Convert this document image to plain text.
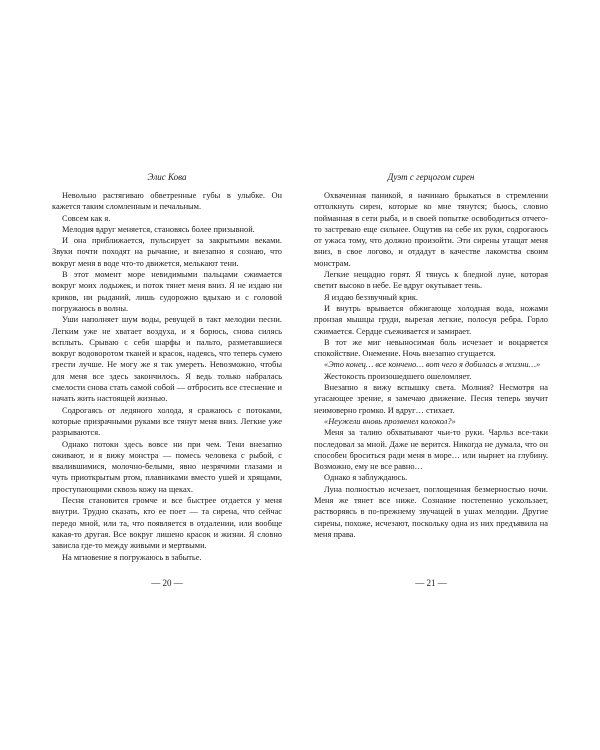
Элис Кова

Невольно растягиваю обветренные губы в улыбке. Он кажется таким сломленным и печальным.

Совсем как я.

Мелодия вдруг меняется, становясь более призывной.

И она приближается, пульсирует за закрытыми веками. Звуки почти походят на рычание, и внезапно я сознаю, что вокруг меня в воде что-то движется, мелькают тени.

В этот момент море невидимыми пальцами сжимается вокруг моих лодыжек, и поток тянет меня вниз. Я не издаю ни криков, ни рыданий, лишь судорожно вдыхаю и с головой погружаюсь в волны.

Уши наполняет шум воды, ревущей в такт мелодии песни. Легким уже не хватает воздуха, и я борюсь, снова силясь всплыть. Срываю с себя шарфы и пальто, разметавшиеся вокруг водоворотом тканей и красок, надеясь, что теперь сумею грести лучше. Не могу же я так умереть. Невозможно, чтобы для меня все здесь закончилось. Я ведь только набралась смелости снова стать самой собой — отбросить все стеснение и начать жить настоящей жизнью.

Содрогаясь от ледяного холода, я сражаюсь с потоками, которые призрачными руками все тянут меня вниз. Легкие уже разрываются.

Однако потоки здесь вовсе ни при чем. Тени внезапно оживают, и я вижу монстра — помесь человека с рыбой, с ввалившимися, молочно-белыми, явно незрячими глазами и чуть приоткрытым ртом, плавниками вместо ушей и хрящами, проступающими сквозь кожу на щеках.

Песня становится громче и все быстрее отдается у меня внутри. Трудно сказать, кто ее поет — та сирена, что сейчас передо мной, или та, что появляется в отдалении, или вообще какая-то другая. Все вокруг лишено красок и жизни. Я словно зависла где-то между живыми и мертвыми.

На мгновение я погружаюсь в забытье.

— 20 —
Дуэт с герцогом сирен

Охваченная паникой, я начинаю брыкаться в стремлении оттолкнуть сирен, которые ко мне тянутся; бьюсь, словно пойманная в сети рыба, и в своей попытке освободиться отчего-то застреваю еще сильнее. Ощутив на себе их руки, содрогаюсь от ужаса тому, что должно произойти. Эти сирены утащат меня вниз, в свое логово, и отдадут в качестве лакомства своим монстрам.

Легкие нещадно горят. Я тянусь к бледной луне, которая светит высоко в небе. Ее вдруг окутывает тень.

Я издаю беззвучный крик.

И внутрь врывается обжигающе холодная вода, ножами пронзая мышцы груди, вырезая легкие, полосуя ребра. Горло сжимается. Сердце съеживается и замирает.

В тот же миг невыносимая боль исчезает и воцаряется спокойствие. Онемение. Ночь внезапно сгущается.

«Это конец… все кончено… вот чего я добилась в жизни…»

Жестокость произошедшего ошеломляет.

Внезапно я вижу вспышку света. Молния? Несмотря на угасающее зрение, я замечаю движение. Песня теперь звучит неимоверно громко. И вдруг… стихает.

«Неужели вновь прозвенел колокол?»

Меня за талию обхватывают чьи-то руки. Чарльз все-таки последовал за мной. Даже не верится. Никогда не думала, что он способен броситься ради меня в море… или нырнет на глубину. Возможно, ему не все равно…

Однако я заблуждаюсь.

Луна полностью исчезает, поглощенная безмерностью ночи. Меня же тянет все ниже. Сознание постепенно ускользает, растворяясь в по-прежнему звучащей в ушах мелодии. Другие сирены, похоже, исчезают, поскольку одна из них предъявила на меня права.

— 21 —
